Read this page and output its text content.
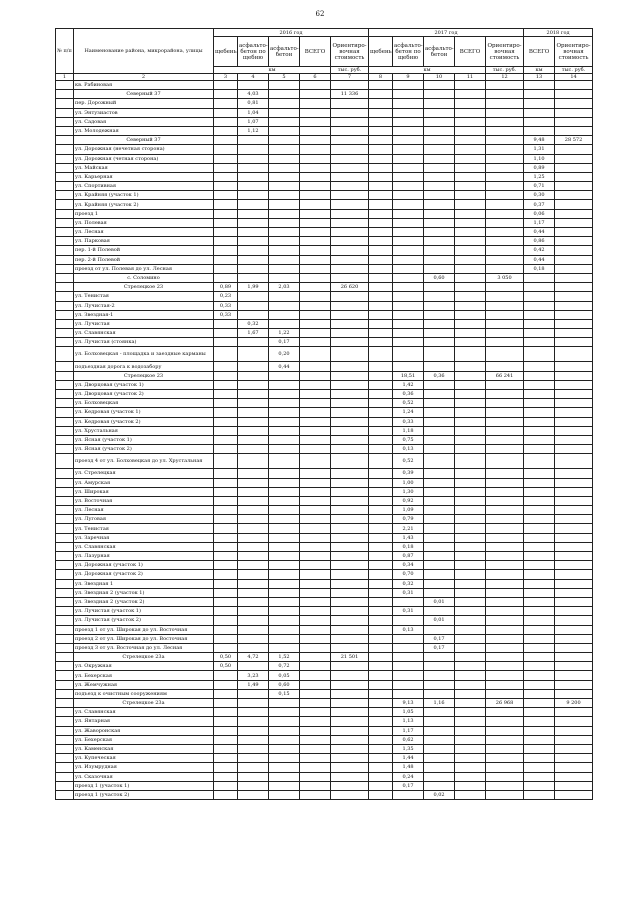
62
№ п/п	Наименование района, микрорайона, улицы	2016 год					2017 год					2018 год	
		щебень	асфальто-бетон по щебню	асфальто-бетон	ВСЕГО	Ориентиро-вочная стоимость	щебень	асфальто-бетон по щебню	асфальто-бетон	ВСЕГО	Ориентиро-вочная стоимость	ВСЕГО	Ориентиро-вочная стоимость
		км				тыс. руб.	км				тыс. руб.	км	тыс. руб.
1	2	3	4	5	6	7	8	9	10	11	12	13	14
	кв. Рабиновая												
	Северный 37		4,03			11 336							
	пер. Дорожный		0,81										
	ул. Энтузиастов		1,04										
	ул. Садовая		1,07										
	ул. Молодежная		1,12										
	Северный 37											9,48	28 572
	ул. Дорожная (нечетная сторона)											1,31	
	ул. Дорожная (четная сторона)											1,10	
	ул. Майская											0,89	
	ул. Карьерная											1,25	
	ул. Спортивная											0,71	
	ул. Крайняя (участок 1)											0,30	
	ул. Крайняя (участок 2)											0,37	
	проезд 1											0,06	
	ул. Полевая											1,17	
	ул. Лесная											0,44	
	ул. Парковая											0,86	
	пер. 1-й Полевой											0,42	
	пер. 2-й Полевой											0,44	
	проезд от ул. Полевая до ул. Лесная											0,18	
	с. Соломино								0,60		3 050		
	Стрелецкое 23	0,89	1,99	2,03		26 620							
	ул. Тенистая	0,23											
	ул. Лучистая-2	0,33											
	ул. Звездная-1	0,33											
	ул. Лучистая		0,32										
	ул. Славянская		1,67	1,22									
	ул. Лучистая (стоянка)			0,17									
	ул. Болховецкая - площадка и заездные карманы			0,20									
	подъездная дорога к водозабору			0,44									
	Стрелецкое 23							18,51	0,36		66 241		
	ул. Дворцовая (участок 1)							1,42					
	ул. Дворцовая (участок 2)							0,36					
	ул. Болховецкая							0,52					
	ул. Кедровая (участок 1)							1,24					
	ул. Кедровая (участок 2)							0,33					
	ул. Хрустальная							1,18					
	ул. Ясная (участок 1)							0,75					
	ул. Ясная (участок 2)							0,13					
	проезд 4 от ул. Болховецкая до ул. Хрустальная							0,52					
	ул. Стрелецкая							0,39					
	ул. Амурская							1,00					
	ул. Широкая							1,30					
	ул. Восточная							0,92					
	ул. Лесная							1,09					
	ул. Луговая							0,79					
	ул. Тенистая							2,21					
	ул. Заречная							1,43					
	ул. Славянская							0,18					
	ул. Лазурная							0,87					
	ул. Дорожная (участок 1)							0,34					
	ул. Дорожная (участок 2)							0,70					
	ул. Звездная 1							0,32					
	ул. Звездная 2 (участок 1)							0,31					
	ул. Звездная 2 (участок 2)								0,01				
	ул. Лучистая (участок 1)							0,31					
	ул. Лучистая (участок 2)								0,01				
	проезд 1 от ул. Широкая до ул. Восточная							0,13					
	проезд 2 от ул. Широкая до ул. Восточная								0,17				
	проезд 3 от ул. Восточная до ул. Лесная								0,17				
	Стрелецкое 23а	0,50	4,72	1,52		21 501							
	ул. Окружная	0,50		0,72									
	ул. Бехерская		3,23	0,05									
	ул. Жемчужная		1,49	0,60									
	подъезд к очистным сооружениям			0,15									
	Стрелецкое 23а							9,13	1,16		26 968		9 200
	ул. Славянская							1,05					
	ул. Янтарная							1,13					
	ул. Жаворонская							1,17					
	ул. Бехерская							0,62					
	ул. Каменская							1,35					
	ул. Купеческая							1,44					
	ул. Изумрудная							1,48					
	ул. Сказочная							0,24					
	проезд 1 (участок 1)							0,17					
	проезд 1 (участок 2)								0,02				
